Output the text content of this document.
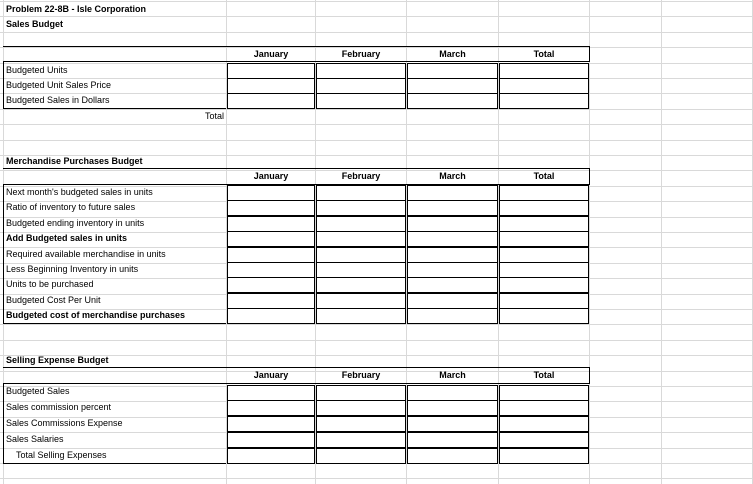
Problem 22-8B - Isle Corporation
Sales Budget
January	February	March	Total
Budgeted Units
Budgeted Unit Sales Price
Budgeted Sales in Dollars
Total
Merchandise Purchases Budget
January	February	March	Total
Next month's budgeted sales in units
Ratio of inventory to future sales
Budgeted ending inventory in units
Add Budgeted sales in units
Required available merchandise in units
Less Beginning Inventory in units
Units to be purchased
Budgeted Cost Per Unit
Budgeted cost of merchandise purchases
Selling Expense Budget
January	February	March	Total
Budgeted Sales
Sales commission percent
Sales Commissions Expense
Sales Salaries
Total Selling Expenses
